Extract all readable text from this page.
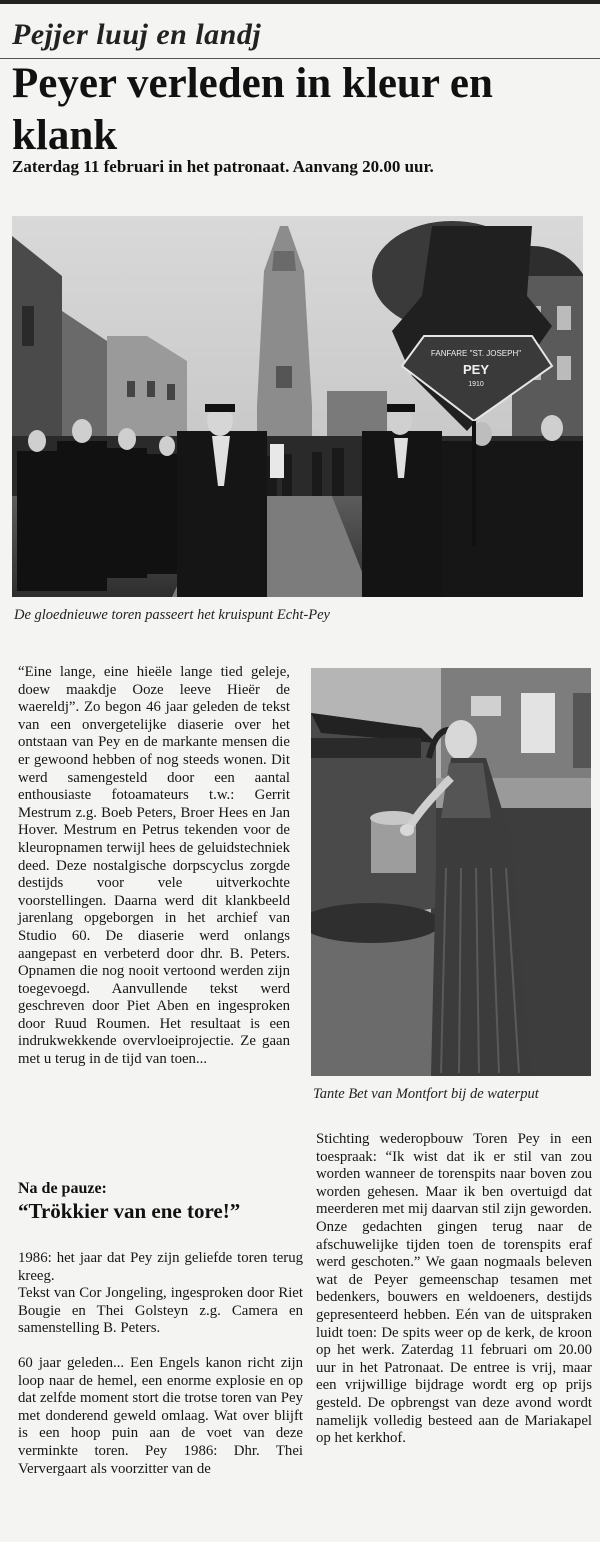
Pejjer luuj en landj
Peyer verleden in kleur en klank

Zaterdag 11 februari in het patronaat. Aanvang 20.00 uur.

FANFARE "ST. JOSEPH"
PEY
1910

De gloednieuwe toren passeert het kruispunt Echt-Pey

Tante Bet van Montfort bij de waterput

“Eine lange, eine hieële lange tied geleje, doew maakdje Ooze leeve Hieër de waereldj”. Zo begon 46 jaar geleden de tekst van een onvergetelijke diaserie over het ontstaan van Pey en de markante mensen die er gewoond hebben of nog steeds wonen. Dit werd samengesteld door een aantal enthousiaste fotoamateurs t.w.: Gerrit Mestrum z.g. Boeb Peters, Broer Hees en Jan Hover. Mestrum en Petrus tekenden voor de kleuropnamen terwijl hees de geluidstechniek deed. Deze nostalgische dorpscyclus zorgde destijds voor vele uitverkochte voorstellingen. Daarna werd dit klankbeeld jarenlang opgeborgen in het archief van Studio 60. De diaserie werd onlangs aangepast en verbeterd door dhr. B. Peters. Opnamen die nog nooit vertoond werden zijn toegevoegd. Aanvullende tekst werd geschreven door Piet Aben en ingesproken door Ruud Roumen. Het resultaat is een indrukwekkende overvloeiprojectie. Ze gaan met u terug in de tijd van toen...

Na de pauze:

“Trökkier van ene tore!”

1986: het jaar dat Pey zijn geliefde toren terug kreeg.

Tekst van Cor Jongeling, ingesproken door Riet Bougie en Thei Golsteyn z.g. Camera en samenstelling B. Peters.

60 jaar geleden... Een Engels kanon richt zijn loop naar de hemel, een enorme explosie en op dat zelfde moment stort die trotse toren van Pey met donderend geweld omlaag. Wat over blijft is een hoop puin aan de voet van deze verminkte toren. Pey 1986: Dhr. Thei Ververgaart als voorzitter van de

Stichting wederopbouw Toren Pey in een toespraak: “Ik wist dat ik er stil van zou worden wanneer de torenspits naar boven zou worden gehesen. Maar ik ben overtuigd dat meerderen met mij daarvan stil zijn geworden. Onze gedachten gingen terug naar de afschuwelijke tijden toen de torenspits eraf werd geschoten.” We gaan nogmaals beleven wat de Peyer gemeenschap tesamen met bedenkers, bouwers en weldoeners, destijds gepresenteerd hebben. Eén van de uitspraken luidt toen: De spits weer op de kerk, de kroon op het werk. Zaterdag 11 februari om 20.00 uur in het Patronaat. De entree is vrij, maar een vrijwillige bijdrage wordt erg op prijs gesteld. De opbrengst van deze avond wordt namelijk volledig besteed aan de Mariakapel op het kerkhof.
